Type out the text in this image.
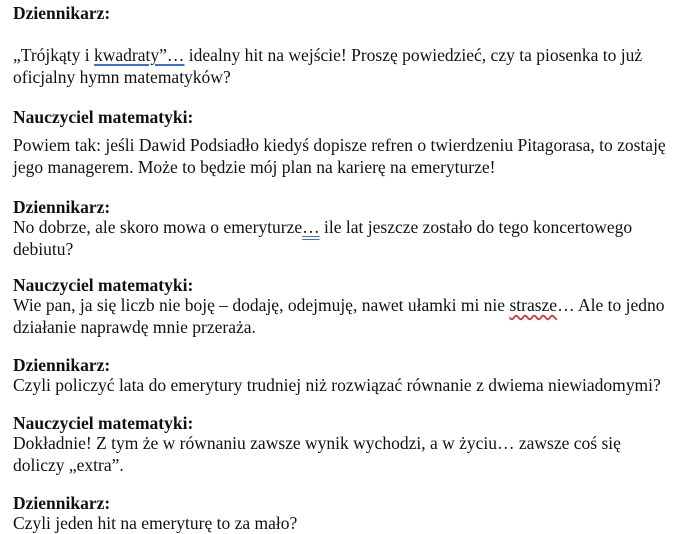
Dziennikarz:

„Trójkąty i kwadraty”… idealny hit na wejście! Proszę powiedzieć, czy ta piosenka to już
oficjalny hymn matematyków?

Nauczyciel matematyki:

Powiem tak: jeśli Dawid Podsiadło kiedyś dopisze refren o twierdzeniu Pitagorasa, to zostaję
jego managerem. Może to będzie mój plan na karierę na emeryturze!

Dziennikarz:

No dobrze, ale skoro mowa o emeryturze… ile lat jeszcze zostało do tego koncertowego
debiutu?

Nauczyciel matematyki:

Wie pan, ja się liczb nie boję – dodaję, odejmuję, nawet ułamki mi nie strasze… Ale to jedno
działanie naprawdę mnie przeraża.

Dziennikarz:

Czyli policzyć lata do emerytury trudniej niż rozwiązać równanie z dwiema niewiadomymi?

Nauczyciel matematyki:

Dokładnie! Z tym że w równaniu zawsze wynik wychodzi, a w życiu… zawsze coś się
doliczy „extra”.

Dziennikarz:

Czyli jeden hit na emeryturę to za mało?
